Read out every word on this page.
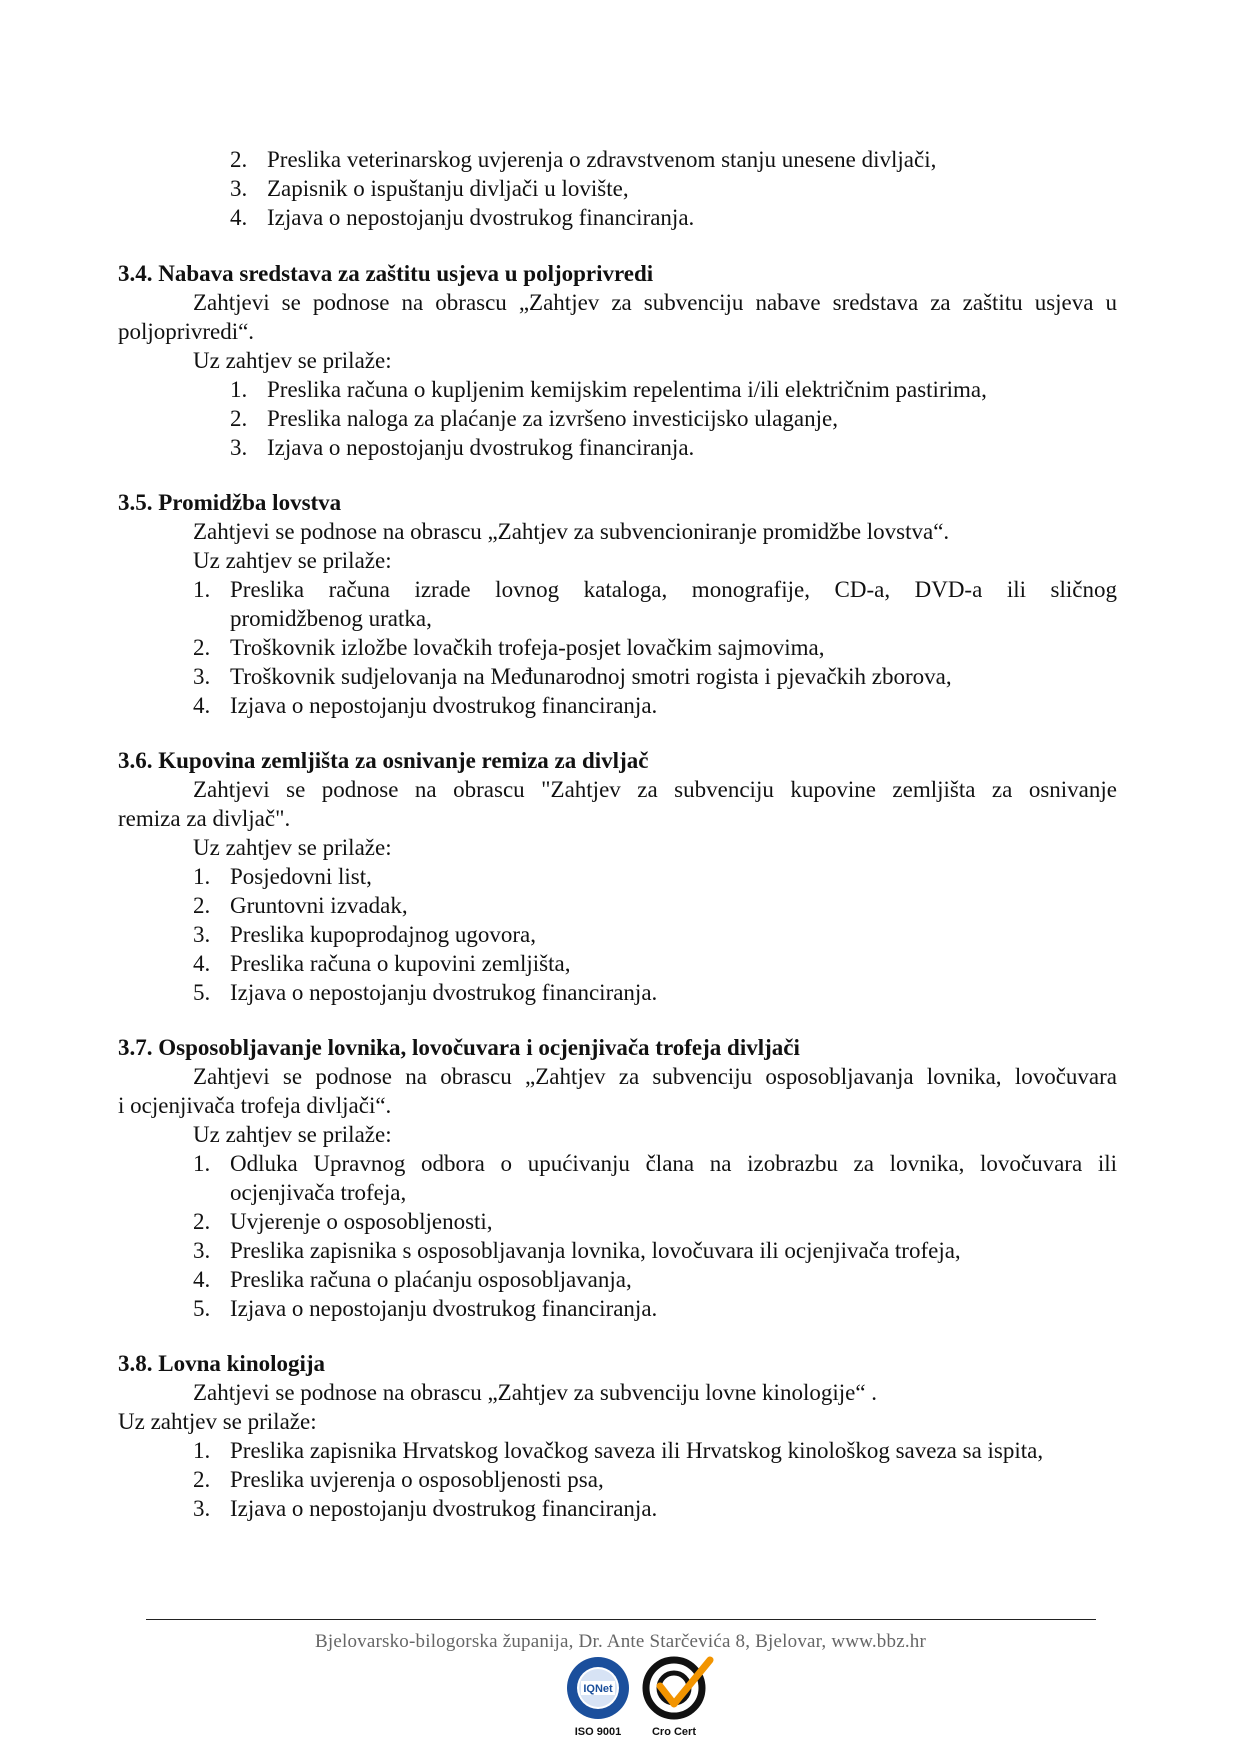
2. Preslika veterinarskog uvjerenja o zdravstvenom stanju unesene divljači,
3. Zapisnik o ispuštanju divljači u lovište,
4. Izjava o nepostojanju dvostrukog financiranja.
3.4. Nabava sredstava za zaštitu usjeva u poljoprivredi
Zahtjevi se podnose na obrascu „Zahtjev za subvenciju nabave sredstava za zaštitu usjeva u
poljoprivredi“.
Uz zahtjev se prilaže:
1. Preslika računa o kupljenim kemijskim repelentima i/ili električnim pastirima,
2. Preslika naloga za plaćanje za izvršeno investicijsko ulaganje,
3. Izjava o nepostojanju dvostrukog financiranja.
3.5. Promidžba lovstva
Zahtjevi se podnose na obrascu „Zahtjev za subvencioniranje promidžbe lovstva“.
Uz zahtjev se prilaže:
1. Preslika računa izrade lovnog kataloga, monografije, CD-a, DVD-a ili sličnog
promidžbenog uratka,
2. Troškovnik izložbe lovačkih trofeja-posjet lovačkim sajmovima,
3. Troškovnik sudjelovanja na Međunarodnoj smotri rogista i pjevačkih zborova,
4. Izjava o nepostojanju dvostrukog financiranja.
3.6. Kupovina zemljišta za osnivanje remiza za divljač
Zahtjevi se podnose na obrascu "Zahtjev za subvenciju kupovine zemljišta za osnivanje
remiza za divljač".
Uz zahtjev se prilaže:
1. Posjedovni list,
2. Gruntovni izvadak,
3. Preslika kupoprodajnog ugovora,
4. Preslika računa o kupovini zemljišta,
5. Izjava o nepostojanju dvostrukog financiranja.
3.7. Osposobljavanje lovnika, lovočuvara i ocjenjivača trofeja divljači
Zahtjevi se podnose na obrascu „Zahtjev za subvenciju osposobljavanja lovnika, lovočuvara
i ocjenjivača trofeja divljači“.
Uz zahtjev se prilaže:
1. Odluka Upravnog odbora o upućivanju člana na izobrazbu za lovnika, lovočuvara ili
ocjenjivača trofeja,
2. Uvjerenje o osposobljenosti,
3. Preslika zapisnika s osposobljavanja lovnika, lovočuvara ili ocjenjivača trofeja,
4. Preslika računa o plaćanju osposobljavanja,
5. Izjava o nepostojanju dvostrukog financiranja.
3.8. Lovna kinologija
Zahtjevi se podnose na obrascu „Zahtjev za subvenciju lovne kinologije“ .
Uz zahtjev se prilaže:
1. Preslika zapisnika Hrvatskog lovačkog saveza ili Hrvatskog kinološkog saveza sa ispita,
2. Preslika uvjerenja o osposobljenosti psa,
3. Izjava o nepostojanju dvostrukog financiranja.
Bjelovarsko-bilogorska županija, Dr. Ante Starčevića 8, Bjelovar, www.bbz.hr
IQNet
ISO 9001	Cro Cert
